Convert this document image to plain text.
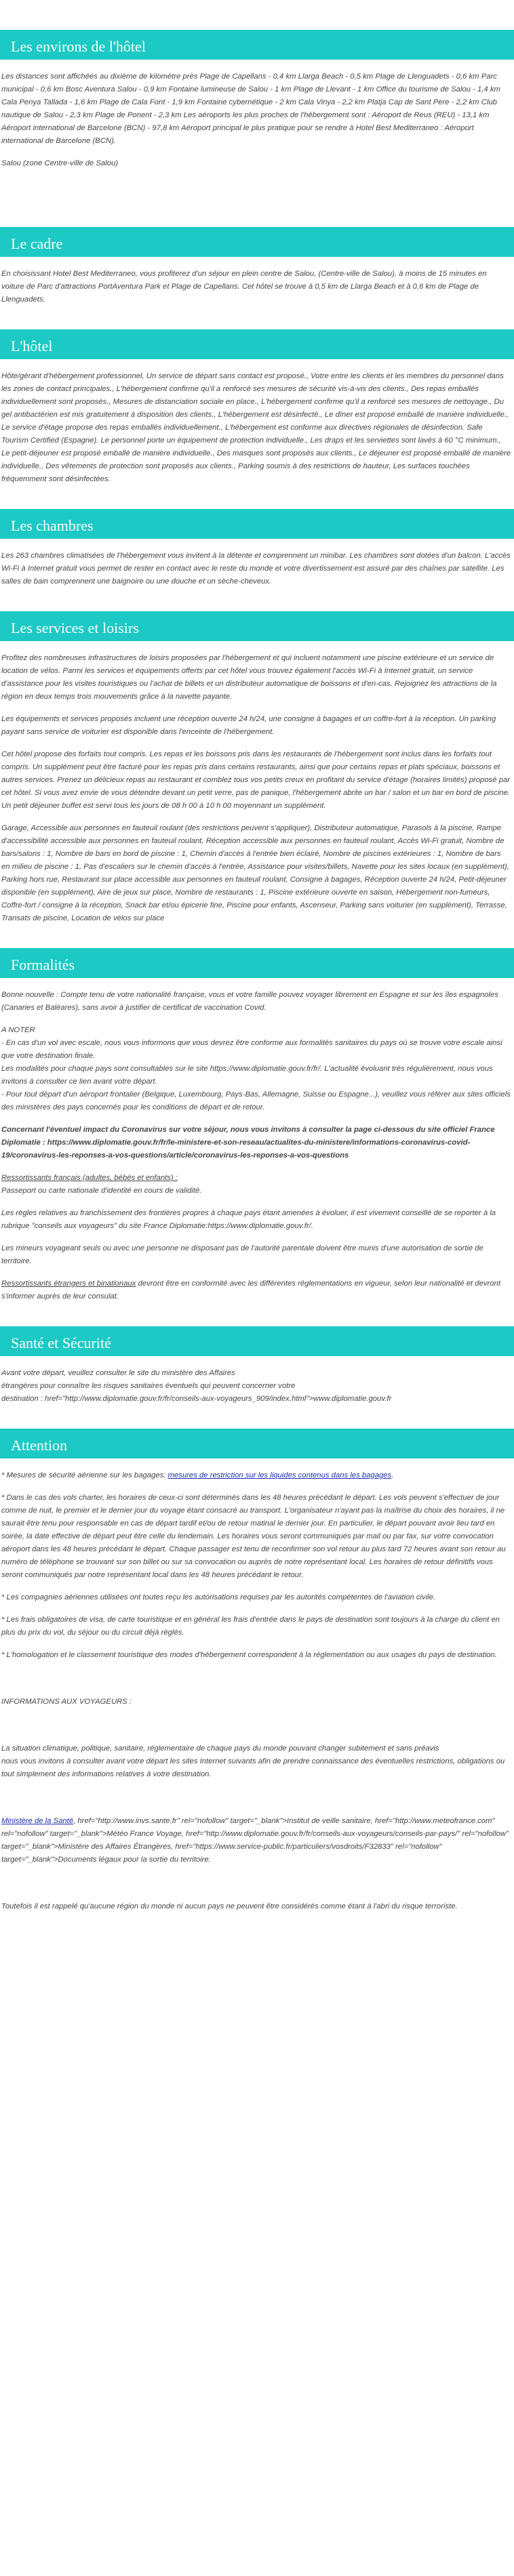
Les environs de l'hôtel

Les distances sont affichées au dixième de kilomètre près Plage de Capellans - 0,4 km Llarga Beach - 0,5 km Plage de Llenguadets - 0,6 km Parc municipal - 0,6 km Bosc Aventura Salou - 0,9 km Fontaine lumineuse de Salou - 1 km Plage de Llevant - 1 km Office du tourisme de Salou - 1,4 km Cala Penya Tallada - 1,6 km Plage de Cala Font - 1,9 km Fontaine cybernétique - 2 km Cala Vinya - 2,2 km Platja Cap de Sant Pere - 2,2 km Club nautique de Salou - 2,3 km Plage de Ponent - 2,3 km Les aéroports les plus proches de l'hébergement sont : Aéroport de Reus (REU) - 13,1 km Aéroport international de Barcelone (BCN) - 97,8 km Aéroport principal le plus pratique pour se rendre à Hotel Best Mediterraneo : Aéroport international de Barcelone (BCN).

Salou (zone Centre-ville de Salou)

Le cadre

En choisissant Hotel Best Mediterraneo, vous profiterez d'un séjour en plein centre de Salou, (Centre-ville de Salou), à moins de 15 minutes en voiture de Parc d'attractions PortAventura Park et Plage de Capellans. Cet hôtel se trouve à 0,5 km de Llarga Beach et à 0,6 km de Plage de Llenguadets.

L'hôtel

Hôte/gérant d'hébergement professionnel, Un service de départ sans contact est proposé., Votre entre les clients et les membres du personnel dans les zones de contact principales., L'hébergement confirme qu'il a renforcé ses mesures de sécurité vis-à-vis des clients., Des repas emballés individuellement sont proposés., Mesures de distanciation sociale en place., L'hébergement confirme qu'il a renforcé ses mesures de nettoyage., Du gel antibactérien est mis gratuitement à disposition des clients., L'hébergement est désinfecté., Le dîner est proposé emballé de manière individuelle., Le service d'étage propose des repas emballés individuellement., L'hébergement est conforme aux directives régionales de désinfection. Safe Tourism Certified (Espagne). Le personnel porte un équipement de protection individuelle., Les draps et les serviettes sont lavés à 60 °C minimum., Le petit-déjeuner est proposé emballé de manière individuelle., Des masques sont proposés aux clients., Le déjeuner est proposé emballé de manière individuelle., Des vêtements de protection sont proposés aux clients., Parking soumis à des restrictions de hauteur, Les surfaces touchées fréquemment sont désinfectées.

Les chambres

Les 263 chambres climatisées de l'hébergement vous invitent à la détente et comprennent un minibar. Les chambres sont dotées d'un balcon. L'accès Wi-Fi à Internet gratuit vous permet de rester en contact avec le reste du monde et votre divertissement est assuré par des chaînes par satellite. Les salles de bain comprennent une baignoire ou une douche et un sèche-cheveux.

Les services et loisirs

Profitez des nombreuses infrastructures de loisirs proposées par l'hébergement et qui incluent notamment une piscine extérieure et un service de location de vélos. Parmi les services et équipements offerts par cet hôtel vous trouvez également l'accès Wi-Fi à Internet gratuit, un service d'assistance pour les visites touristiques ou l'achat de billets et un distributeur automatique de boissons et d'en-cas. Rejoignez les attractions de la région en deux temps trois mouvements grâce à la navette payante.

Les équipements et services proposés incluent une réception ouverte 24 h/24, une consigne à bagages et un coffre-fort à la réception. Un parking payant sans service de voiturier est disponible dans l'enceinte de l'hébergement.

Cet hôtel propose des forfaits tout compris. Les repas et les boissons pris dans les restaurants de l'hébergement sont inclus dans les forfaits tout compris. Un supplément peut être facturé pour les repas pris dans certains restaurants, ainsi que pour certains repas et plats spéciaux, boissons et autres services. Prenez un délicieux repas au restaurant et comblez tous vos petits creux en profitant du service d'étage (horaires limités) proposé par cet hôtel. Si vous avez envie de vous détendre devant un petit verre, pas de panique, l'hébergement abrite un bar / salon et un bar en bord de piscine. Un petit déjeuner buffet est servi tous les jours de 08 h 00 à 10 h 00 moyennant un supplément.

Garage, Accessible aux personnes en fauteuil roulant (des restrictions peuvent s'appliquer), Distributeur automatique, Parasols à la piscine, Rampe d'accessibilité accessible aux personnes en fauteuil roulant, Réception accessible aux personnes en fauteuil roulant, Accès Wi-Fi gratuit, Nombre de bars/salons : 1, Nombre de bars en bord de piscine : 1, Chemin d'accès à l'entrée bien éclairé, Nombre de piscines extérieures : 1, Nombre de bars en milieu de piscine : 1, Pas d'escaliers sur le chemin d'accès à l'entrée, Assistance pour visites/billets, Navette pour les sites locaux (en supplément), Parking hors rue, Restaurant sur place accessible aux personnes en fauteuil roulant, Consigne à bagages, Réception ouverte 24 h/24, Petit-déjeuner disponible (en supplément), Aire de jeux sur place, Nombre de restaurants : 1, Piscine extérieure ouverte en saison, Hébergement non-fumeurs, Coffre-fort / consigne à la réception, Snack bar et/ou épicerie fine, Piscine pour enfants, Ascenseur, Parking sans voiturier (en supplément), Terrasse, Transats de piscine, Location de vélos sur place

Formalités

Bonne nouvelle : Compte tenu de votre nationalité française, vous et votre famille pouvez voyager librement en Espagne et sur les îles espagnoles (Canaries et Baléares), sans avoir à justifier de certificat de vaccination Covid.

A NOTER
- En cas d'un vol avec escale, nous vous informons que vous devrez être conforme aux formalités sanitaires du pays où se trouve votre escale ainsi que votre destination finale.
Les modalités pour chaque pays sont consultables sur le site https://www.diplomatie.gouv.fr/fr/. L'actualité évoluant très régulièrement, nous vous invitons à consulter ce lien avant votre départ.
- Pour tout départ d'un aéroport frontalier (Belgique, Luxembourg, Pays-Bas, Allemagne, Suisse ou Espagne...), veuillez vous référer aux sites officiels des ministères des pays concernés pour les conditions de départ et de retour.

Concernant l'éventuel impact du Coronavirus sur votre séjour, nous vous invitons à consulter la page ci-dessous du site officiel France Diplomatie : https://www.diplomatie.gouv.fr/fr/le-ministere-et-son-reseau/actualites-du-ministere/informations-coronavirus-covid-19/coronavirus-les-reponses-a-vos-questions/article/coronavirus-les-reponses-a-vos-questions

Ressortissants français (adultes, bébés et enfants) :
Passeport ou carte nationale d'identité en cours de validité.

Les règles relatives au franchissement des frontières propres à chaque pays étant amenées à évoluer, il est vivement conseillé de se reporter à la rubrique "conseils aux voyageurs" du site France Diplomatie:https://www.diplomatie.gouv.fr/.

Les mineurs voyageant seuls ou avec une personne ne disposant pas de l'autorité parentale doivent être munis d'une autorisation de sortie de territoire.

Ressortissants étrangers et binationaux devront être en conformité avec les différentes réglementations en vigueur, selon leur nationalité et devront s'informer auprès de leur consulat.

Santé et Sécurité

Avant votre départ, veuillez consulter le site du ministère des Affaires
étrangères pour connaître les risques sanitaires éventuels qui peuvent concerner votre
destination : href="http://www.diplomatie.gouv.fr/fr/conseils-aux-voyageurs_909/index.html">www.diplomatie.gouv.fr

Attention

* Mesures de sécurité aérienne sur les bagages: mesures de restriction sur les liquides contenus dans les bagages.

* Dans le cas des vols charter, les horaires de ceux-ci sont déterminés dans les 48 heures précédant le départ. Les vols peuvent s'effectuer de jour comme de nuit, le premier et le dernier jour du voyage étant consacré au transport. L'organisateur n'ayant pas la maîtrise du choix des horaires, il ne saurait être tenu pour responsable en cas de départ tardif et/ou de retour matinal le dernier jour. En particulier, le départ pouvant avoir lieu tard en soirée, la date effective de départ peut être celle du lendemain. Les horaires vous seront communiqués par mail ou par fax, sur votre convocation aéroport dans les 48 heures précédant le départ. Chaque passager est tenu de reconfirmer son vol retour au plus tard 72 heures avant son retour au numéro de téléphone se trouvant sur son billet ou sur sa convocation ou auprès de notre représentant local. Les horaires de retour définitifs vous seront communiqués par notre représentant local dans les 48 heures précédant le retour.

* Les compagnies aériennes utilisées ont toutes reçu les autorisations requises par les autorités compétentes de l'aviation civile.

* Les frais obligatoires de visa, de carte touristique et en général les frais d'entrée dans le pays de destination sont toujours à la charge du client en plus du prix du vol, du séjour ou du circuit déjà réglés.

* L'homologation et le classement touristique des modes d'hébergement correspondent à la réglementation ou aux usages du pays de destination.

INFORMATIONS AUX VOYAGEURS :

La situation climatique, politique, sanitaire, réglementaire de chaque pays du monde pouvant changer subitement et sans préavis
nous vous invitons à consulter avant votre départ les sites Internet suivants afin de prendre connaissance des éventuelles restrictions, obligations ou tout simplement des informations relatives à votre destination.

Ministère de la Santé, href="http://www.invs.sante.fr" rel="nofollow" target="_blank">Institut de veille sanitaire, href="http://www.meteofrance.com" rel="nofollow" target="_blank">Météo France Voyage, href="http://www.diplomatie.gouv.fr/fr/conseils-aux-voyageurs/conseils-par-pays/" rel="nofollow" target="_blank">Ministère des Affaires Étrangères, href="https://www.service-public.fr/particuliers/vosdroits/F32833" rel="nofollow" target="_blank">Documents légaux pour la sortie du territoire.

Toutefois il est rappelé qu'aucune région du monde ni aucun pays ne peuvent être considérés comme étant à l'abri du risque terroriste.
